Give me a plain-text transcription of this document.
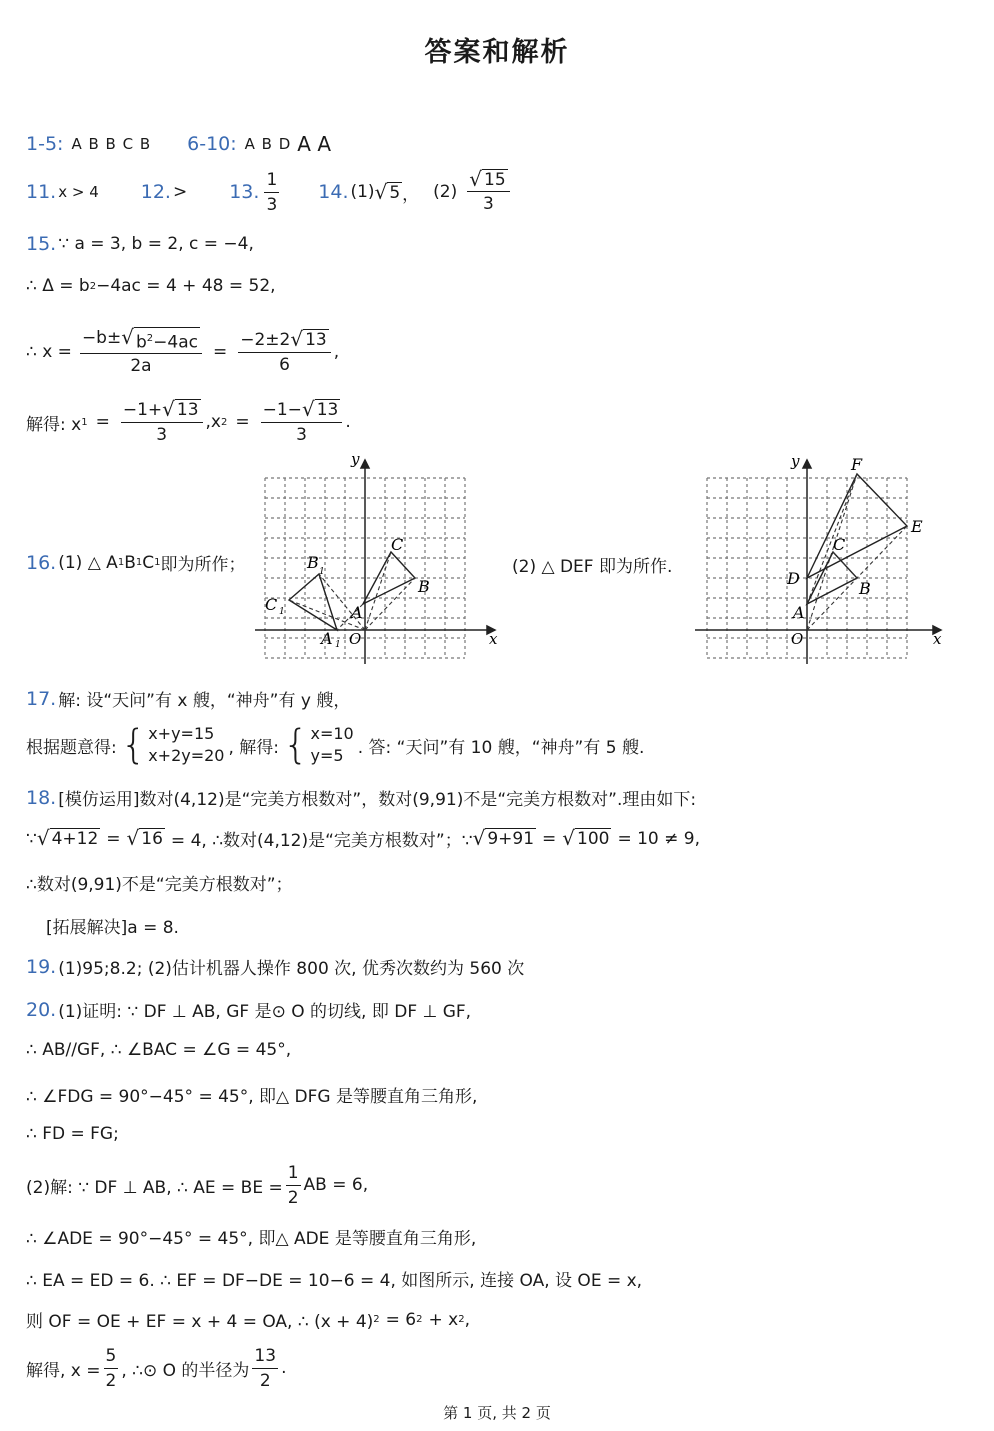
答案和解析
1-5: A B B C B 6-10: A B D A A
11. x > 4 12. > 13. $\frac{1}{3} 14$. (1) √ 5 ， $(2) \frac{√ 15}{3}$
15. ∵ a = 3, b = 2, c = −4,
∴ Δ = b 2 −4ac = 4 + 48 = 52,
∴ $x = \frac{-b\pm √ b^2-4ac}{2a} = \frac{-2\pm 2 √ 13}{6}$ ,
解得: x $1 = \frac{-1+ √ 13}{3} ,x$ $2 = \frac{-1- √ 13}{3}$ .
16. (1) △ A 1 B 1 C 1 即为所作；	(2) △ DEF 即为所作.
y
x
O
A
C
B
A 1
B 1
C 1
y
x
O
A
C
B
D
E
F
17. 解: 设“天问”有 x 艘，“神舟”有 y 艘，
根据题意得: { x+y=15
x+2y=20 , 解得: { x=10
y=5 . 答: “天问”有 10 艘，“神舟”有 5 艘.
18. [模仿运用]数对(4,12)是“完美方根数对”，数对(9,91)不是“完美方根数对”.理由如下:
∵ √ 4+12 = √ 16 = 4, ∴数对(4,12)是“完美方根数对”；∵ √ 9+91 = √ 100 = 10 ≠ 9,
∴数对(9,91)不是“完美方根数对”；
[拓展解决]a = 8.
19. (1)95;8.2; (2)估计机器人操作 800 次, 优秀次数约为 560 次
20. (1)证明: ∵ DF ⊥ AB, GF 是⊙ O 的切线, 即 DF ⊥ GF,
∴ AB//GF, ∴ ∠BAC = ∠G = 45°,
∴ ∠FDG = 90°−45° = 45°, 即△ DFG 是等腰直角三角形,
∴ FD = FG;
(2)解: ∵ DF ⊥ AB, ∴ AE = BE = $\frac{1}{2}$ AB = 6,
∴ ∠ADE = 90°−45° = 45°, 即△ ADE 是等腰直角三角形,
∴ EA = ED = 6. ∴ EF = DF−DE = 10−6 = 4, 如图所示, 连接 OA, 设 OE = x,
则 OF = OE + EF = x + 4 = OA, ∴ (x + 4) 2 = 6 2 + x 2 ,
解得, $x = \frac{5}{2}$ , ∴⊙ O 的半径为 $\frac{13}{2}$ .
第 1 页, 共 2 页
